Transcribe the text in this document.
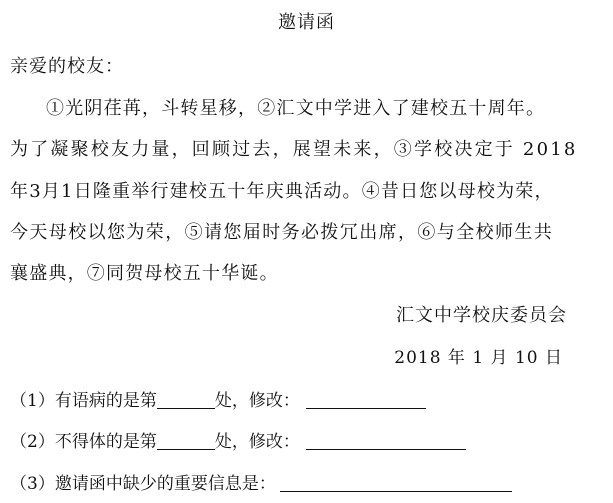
邀请函
亲爱的校友：
①光阴荏苒，斗转星移，②汇文中学进入了建校五十周年。
为了凝聚校友力量，回顾过去，展望未来，③学校决定于 2018
年3月1日隆重举行建校五十年庆典活动。④昔日您以母校为荣，
今天母校以您为荣，⑤请您届时务必拨冗出席，⑥与全校师生共
襄盛典，⑦同贺母校五十华诞。
汇文中学校庆委员会
2018 年 1 月 10 日
（1）有语病的是第	处，修改：
（2）不得体的是第	处，修改：
（3）邀请函中缺少的重要信息是：
